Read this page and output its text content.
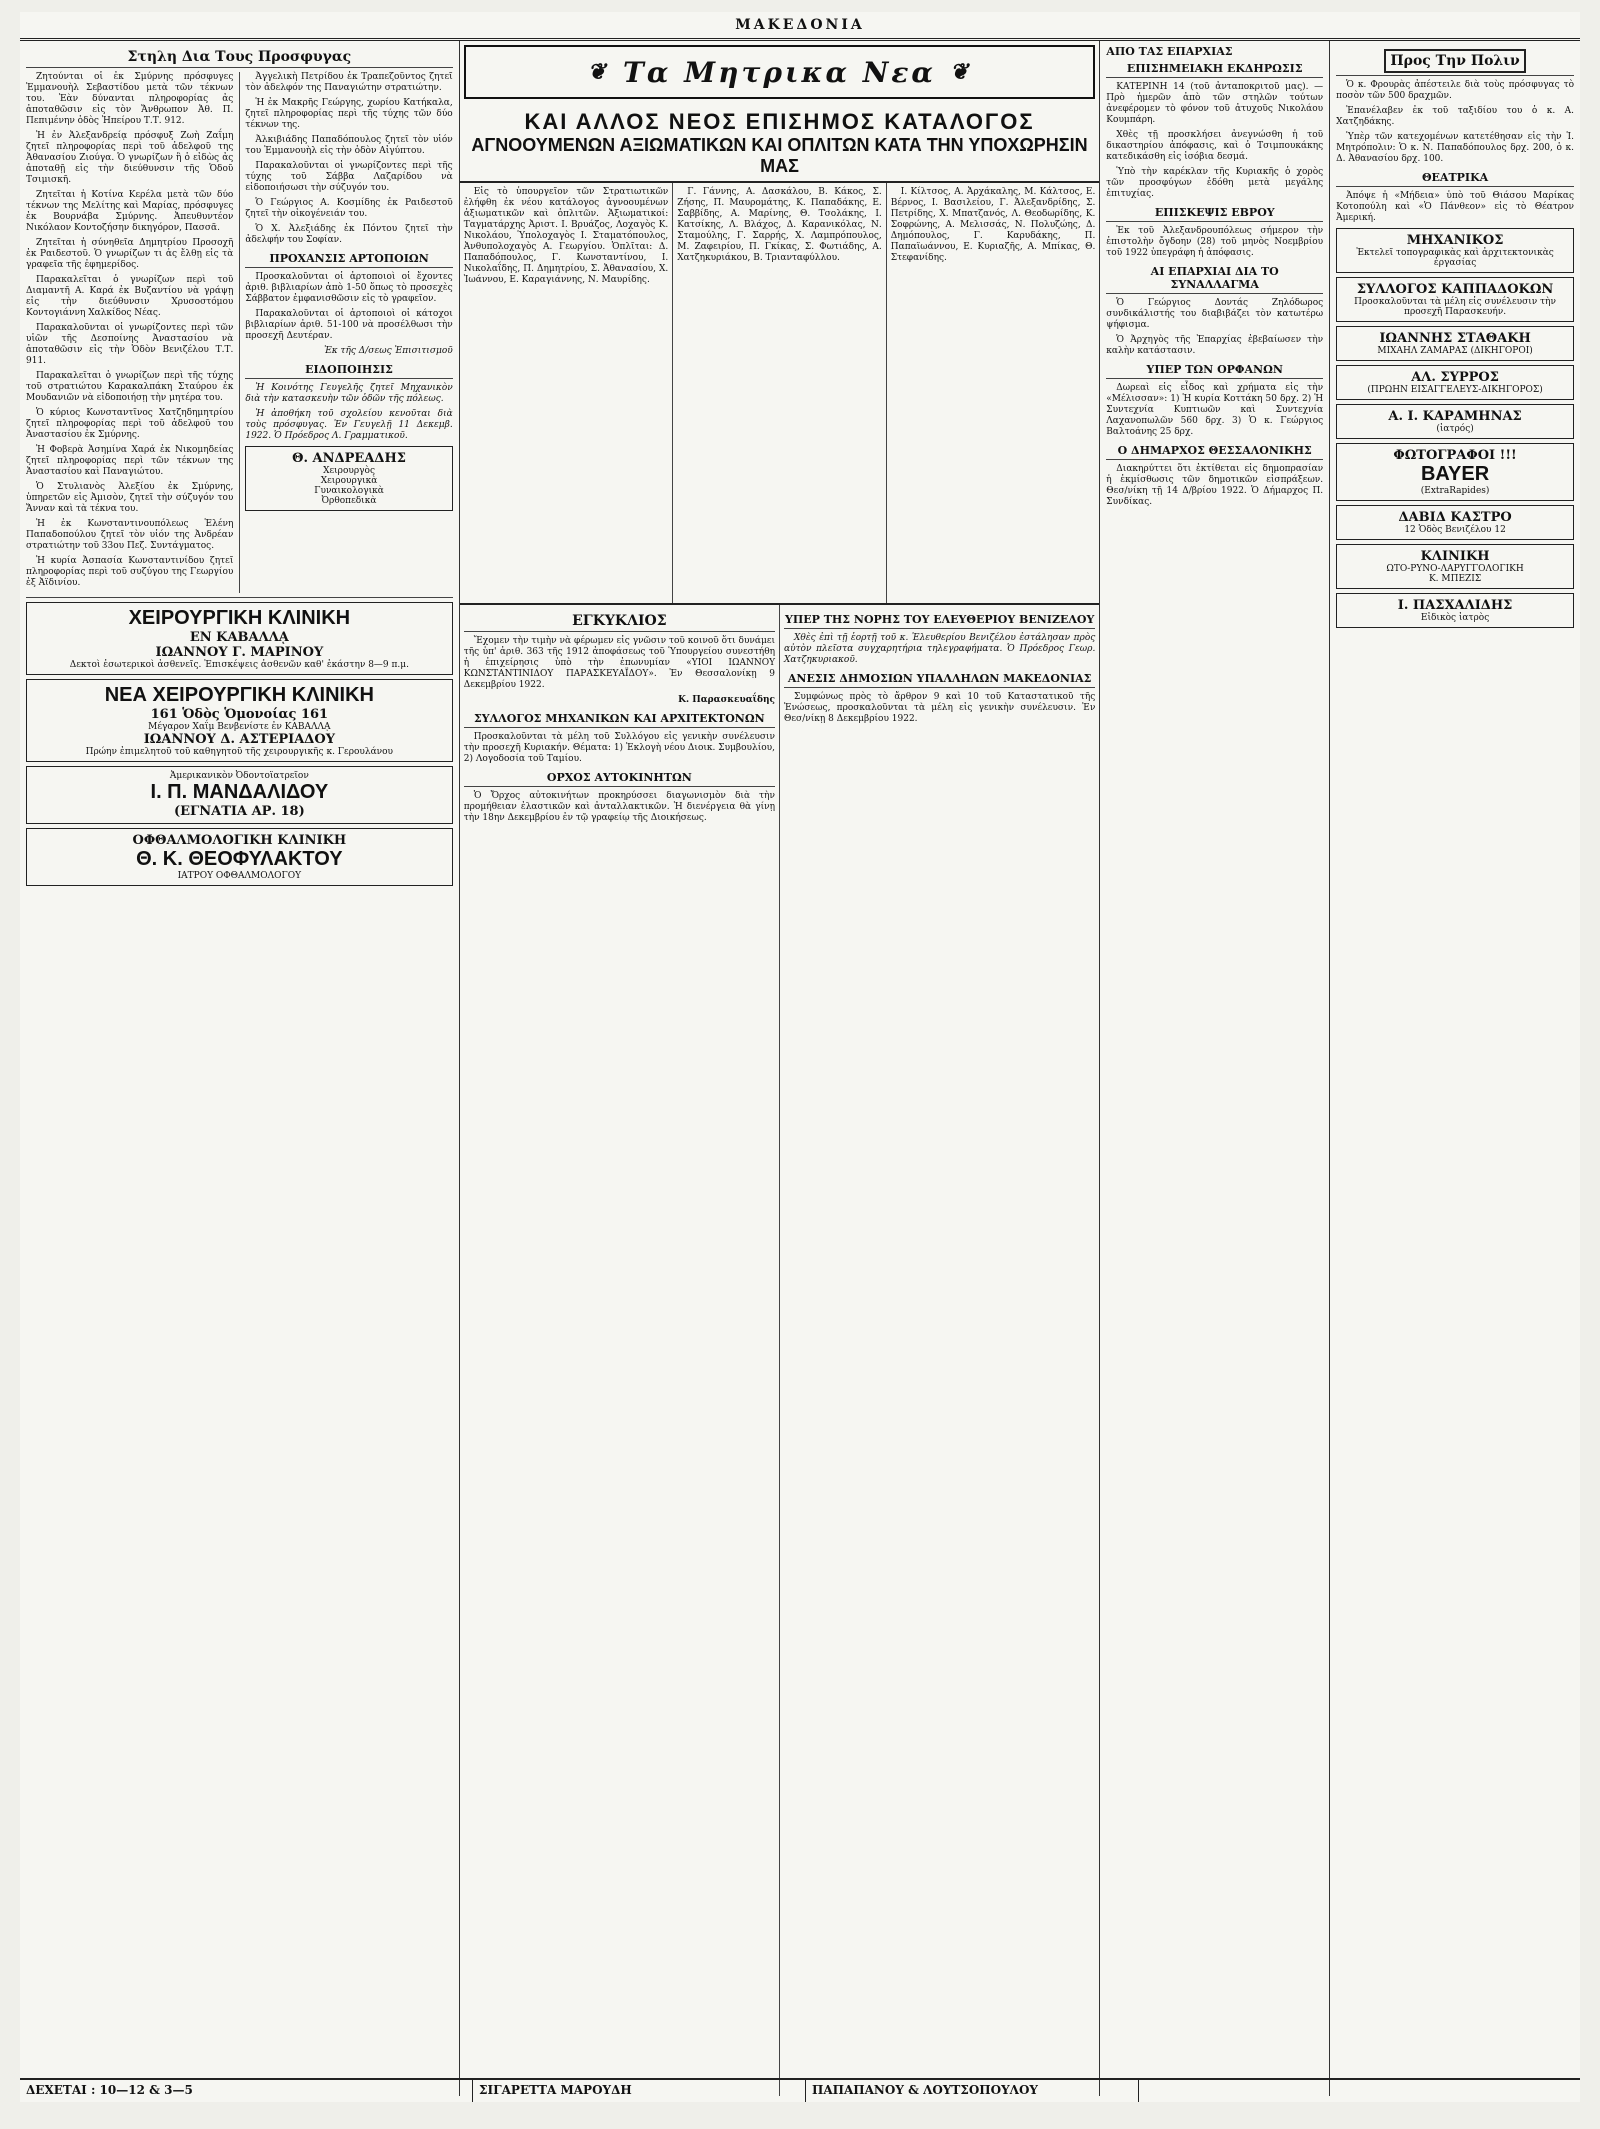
ΜΑΚΕΔΟΝΙΑ
Στηλη Δια Τους Προσφυγας

Ζητούνται οἱ ἐκ Σμύρνης πρόσφυγες Ἐμμανουὴλ Σεβαστίδου μετὰ τῶν τέκνων του. Ἐὰν δύνανται πληροφορίας ἀς ἀποταθῶσιν εἰς τὸν Ἄνθρωπον Ἀθ. Π. Πεπιμένην ὁδὸς Ἡπείρου Τ.Τ. 912.

Ἡ ἐν Ἀλεξανδρείᾳ πρόσφυξ Ζωὴ Ζαΐμη ζητεῖ πληροφορίας περὶ τοῦ ἀδελφοῦ της Ἀθανασίου Ζιούγα. Ὁ γνωρίζων ἢ ὁ εἰδὼς ἀς ἀποταθῇ εἰς τὴν διεύθυνσιν τῆς Ὁδοῦ Τσιμισκῆ.

Ζητεῖται ἡ Κοτίνα Κερέλα μετὰ τῶν δύο τέκνων της Μελίτης καὶ Μαρίας, πρόσφυγες ἐκ Βουρνάβα Σμύρνης. Ἀπευθυντέον Νικόλαον Κοντοζήσην δικηγόρον, Πασσᾶ.

Ζητεῖται ἡ σύνηθεῖα Δημητρίου Προσοχῆ ἐκ Ραιδεστοῦ. Ὁ γνωρίζων τι ἀς ἔλθῃ εἰς τὰ γραφεῖα τῆς ἐφημερίδος.

Παρακαλεῖται ὁ γνωρίζων περὶ τοῦ Διαμαντῆ Α. Καρά ἐκ Βυζαντίου νὰ γράψῃ εἰς τὴν διεύθυνσιν Χρυσοστόμου Κοντογιάννη Χαλκίδος Νέας.

Παρακαλοῦνται οἱ γνωρίζοντες περὶ τῶν υἱῶν τῆς Δεσποίνης Ἀναστασίου νὰ ἀποταθῶσιν εἰς τὴν Ὁδὸν Βενιζέλου Τ.Τ. 911.

Παρακαλεῖται ὁ γνωρίζων περὶ τῆς τύχης τοῦ στρατιώτου Καρακαλπάκη Σταύρου ἐκ Μουδανιῶν νὰ εἰδοποιήσῃ τὴν μητέρα του.

Ὁ κύριος Κωνσταντῖνος Χατζηδημητρίου ζητεῖ πληροφορίας περὶ τοῦ ἀδελφοῦ του Ἀναστασίου ἐκ Σμύρνης.

Ἡ Φοβερὰ Ἀσημίνα Χαρά ἐκ Νικομηδείας ζητεῖ πληροφορίας περὶ τῶν τέκνων της Ἀναστασίου καὶ Παναγιώτου.

Ὁ Στυλιανὸς Ἀλεξίου ἐκ Σμύρνης, ὑπηρετῶν εἰς Ἀμισὸν, ζητεῖ τὴν σύζυγόν του Ἄνναν καὶ τὰ τέκνα του.

Ἡ ἐκ Κωνσταντινουπόλεως Ἑλένη Παπαδοπούλου ζητεῖ τὸν υἱόν της Ἀνδρέαν στρατιώτην τοῦ 33ου Πεζ. Συντάγματος.

Ἡ κυρία Ἀσπασία Κωνσταντινίδου ζητεῖ πληροφορίας περὶ τοῦ συζύγου της Γεωργίου ἐξ Ἀϊδινίου.

Ἀγγελικὴ Πετρίδου ἐκ Τραπεζοῦντος ζητεῖ τὸν ἀδελφόν της Παναγιώτην στρατιώτην.

Ἡ ἐκ Μακρῆς Γεώργης, χωρίου Κατήκαλα, ζητεῖ πληροφορίας περὶ τῆς τύχης τῶν δύο τέκνων της.

Ἀλκιβιάδης Παπαδόπουλος ζητεῖ τὸν υἱόν του Ἐμμανουὴλ εἰς τὴν ὁδὸν Αἰγύπτου.

Παρακαλοῦνται οἱ γνωρίζοντες περὶ τῆς τύχης τοῦ Σάββα Λαζαρίδου νὰ εἰδοποιήσωσι τὴν σύζυγόν του.

Ὁ Γεώργιος Α. Κοσμίδης ἐκ Ραιδεστοῦ ζητεῖ τὴν οἰκογένειάν του.

Ὁ Χ. Ἀλεξιάδης ἐκ Πόντου ζητεῖ τὴν ἀδελφήν του Σοφίαν.

ΠΡΟΧΑΝΣΙΣ ΑΡΤΟΠΟΙΩΝ

Προσκαλοῦνται οἱ ἀρτοποιοὶ οἱ ἔχοντες ἀριθ. βιβλιαρίων ἀπὸ 1-50 ὅπως τὸ προσεχὲς Σάββατον ἐμφανισθῶσιν εἰς τὸ γραφεῖον.

Παρακαλοῦνται οἱ ἀρτοποιοὶ οἱ κάτοχοι βιβλιαρίων ἀριθ. 51-100 νὰ προσέλθωσι τὴν προσεχῆ Δευτέραν.

Ἐκ τῆς Δ/σεως Ἐπισιτισμοῦ

ΕΙΔΟΠΟΙΗΣΙΣ

Ἡ Κοινότης Γευγελῆς ζητεῖ Μηχανικὸν διὰ τὴν κατασκευὴν τῶν ὁδῶν τῆς πόλεως.

Ἡ ἀποθήκη τοῦ σχολείου κενοῦται διὰ τοὺς πρόσφυγας. Ἐν Γευγελῇ 11 Δεκεμβ. 1922. Ὁ Πρόεδρος Λ. Γραμματικοῦ.

Θ. ΑΝΔΡΕΑΔΗΣ
Χειρουργὸς
Χειρουργικὰ
Γυναικολογικὰ
Ὀρθοπεδικὰ
ΧΕΙΡΟΥΡΓΙΚΗ ΚΛΙΝΙΚΗ
ΕΝ ΚΑΒΑΛΛᾼ
ΙΩΑΝΝΟΥ Γ. ΜΑΡΙΝΟΥ
Δεκτοὶ ἐσωτερικοὶ ἀσθενεῖς. Ἐπισκέψεις ἀσθενῶν καθ' ἑκάστην 8—9 π.μ.
ΝΕΑ ΧΕΙΡΟΥΡΓΙΚΗ ΚΛΙΝΙΚΗ
161 Ὁδὸς Ὁμονοίας 161
Μέγαρον Χαΐμ Βενβενίστε ἐν ΚΑΒΑΛΛᾼ
ΙΩΑΝΝΟΥ Δ. ΑΣΤΕΡΙΑΔΟΥ
Πρώην ἐπιμελητοῦ τοῦ καθηγητοῦ τῆς χειρουργικῆς κ. Γερουλάνου
Ἀμερικανικὸν Ὀδοντοϊατρεῖον
Ι. Π. ΜΑΝΔΑΛΙΔΟΥ
(ΕΓΝΑΤΙΑ ΑΡ. 18)
ΟΦΘΑΛΜΟΛΟΓΙΚΗ ΚΛΙΝΙΚΗ
Θ. Κ. ΘΕΟΦΥΛΑΚΤΟΥ
ΙΑΤΡΟΥ ΟΦΘΑΛΜΟΛΟΓΟΥ
❦ Τα Μητρικα Νεα ❦
ΚΑΙ ΑΛΛΟΣ ΝΕΟΣ ΕΠΙΣΗΜΟΣ ΚΑΤΑΛΟΓΟΣ
ΑΓΝΟΟΥΜΕΝΩΝ ΑΞΙΩΜΑΤΙΚΩΝ ΚΑΙ ΟΠΛΙΤΩΝ ΚΑΤΑ ΤΗΝ ΥΠΟΧΩΡΗΣΙΝ ΜΑΣ

Εἰς τὸ ὑπουργεῖον τῶν Στρατιωτικῶν ἐλήφθη ἐκ νέου κατάλογος ἀγνοουμένων ἀξιωματικῶν καὶ ὁπλιτῶν. Ἀξιωματικοί: Ταγματάρχης Ἀριστ. Ι. Βρυάζος, Λοχαγὸς Κ. Νικολάου, Ὑπολοχαγὸς Ι. Σταματόπουλος, Ἀνθυπολοχαγὸς Α. Γεωργίου. Ὁπλῖται: Δ. Παπαδόπουλος, Γ. Κωνσταντίνου, Ι. Νικολαΐδης, Π. Δημητρίου, Σ. Ἀθανασίου, Χ. Ἰωάννου, Ε. Καραγιάννης, Ν. Μαυρίδης.

Γ. Γάννης, Α. Δασκάλου, Β. Κάκος, Σ. Ζήσης, Π. Μαυρομάτης, Κ. Παπαδάκης, Ε. Σαββίδης, Α. Μαρίνης, Θ. Τσολάκης, Ι. Κατσίκης, Λ. Βλάχος, Δ. Καρανικόλας, Ν. Σταμούλης, Γ. Σαρρής, Χ. Λαμπρόπουλος, Μ. Ζαφειρίου, Π. Γκίκας, Σ. Φωτιάδης, Α. Χατζηκυριάκου, Β. Τριανταφύλλου.

Ι. Κίλτσος, Α. Ἀρχάκαλης, Μ. Κάλτσος, Ε. Βέρνος, Ι. Βασιλείου, Γ. Ἀλεξανδρίδης, Σ. Πετρίδης, Χ. Μπατζανός, Λ. Θεοδωρίδης, Κ. Σοφρώνης, Α. Μελισσάς, Ν. Πολυζώης, Δ. Δημόπουλος, Γ. Καρυδάκης, Π. Παπαϊωάννου, Ε. Κυριαζῆς, Α. Μπίκας, Θ. Στεφανίδης.

ΕΓΚΥΚΛΙΟΣ

Ἔχομεν τὴν τιμὴν νὰ φέρωμεν εἰς γνῶσιν τοῦ κοινοῦ ὅτι δυνάμει τῆς ὑπ' ἀριθ. 363 τῆς 1912 ἀποφάσεως τοῦ Ὑπουργείου συνεστήθη ἡ ἐπιχείρησις ὑπὸ τὴν ἐπωνυμίαν «ΥΙΟΙ ΙΩΑΝΝΟΥ ΚΩΝΣΤΑΝΤΙΝΙΔΟΥ ΠΑΡΑΣΚΕΥΑΪΔΟΥ». Ἐν Θεσσαλονίκῃ 9 Δεκεμβρίου 1922.

Κ. Παρασκευαΐδης

ΣΥΛΛΟΓΟΣ ΜΗΧΑΝΙΚΩΝ ΚΑΙ ΑΡΧΙΤΕΚΤΟΝΩΝ

Προσκαλοῦνται τὰ μέλη τοῦ Συλλόγου εἰς γενικὴν συνέλευσιν τὴν προσεχῆ Κυριακήν. Θέματα: 1) Ἐκλογὴ νέου Διοικ. Συμβουλίου, 2) Λογοδοσία τοῦ Ταμίου.

ΟΡΧΟΣ ΑΥΤΟΚΙΝΗΤΩΝ

Ὁ Ὄρχος αὐτοκινήτων προκηρύσσει διαγωνισμὸν διὰ τὴν προμήθειαν ἐλαστικῶν καὶ ἀνταλλακτικῶν. Ἡ διενέργεια θὰ γίνῃ τὴν 18ην Δεκεμβρίου ἐν τῷ γραφείῳ τῆς Διοικήσεως.

ΥΠΕΡ ΤΗΣ ΝΟΡΗΣ ΤΟΥ ΕΛΕΥΘΕΡΙΟΥ ΒΕΝΙΖΕΛΟΥ

Χθὲς ἐπὶ τῇ ἑορτῇ τοῦ κ. Ἐλευθερίου Βενιζέλου ἐστάλησαν πρὸς αὐτὸν πλεῖστα συγχαρητήρια τηλεγραφήματα. Ὁ Πρόεδρος Γεωρ. Χατζηκυριακοῦ.

ΑΝΕΣΙΣ ΔΗΜΟΣΙΩΝ ΥΠΑΛΛΗΛΩΝ ΜΑΚΕΔΟΝΙΑΣ

Συμφώνως πρὸς τὸ ἄρθρον 9 καὶ 10 τοῦ Καταστατικοῦ τῆς Ἑνώσεως, προσκαλοῦνται τὰ μέλη εἰς γενικὴν συνέλευσιν. Ἐν Θεσ/νίκῃ 8 Δεκεμβρίου 1922.

ΑΠΟ ΤΑΣ ΕΠΑΡΧΙΑΣ
ΕΠΙΣΗΜΕΙΑΚΗ ΕΚΔΗΡΩΣΙΣ

ΚΑΤΕΡΙΝΗ 14 (τοῦ ἀνταποκριτοῦ μας). — Πρὸ ἡμερῶν ἀπὸ τῶν στηλῶν τούτων ἀνεφέρομεν τὸ φόνον τοῦ ἀτυχοῦς Νικολάου Κουμπάρη.

Χθὲς τῇ προσκλήσει ἀνεγνώσθη ἡ τοῦ δικαστηρίου ἀπόφασις, καὶ ὁ Τσιμπουκάκης κατεδικάσθη εἰς ἰσόβια δεσμά.

Ὑπὸ τὴν καρέκλαν τῆς Κυριακῆς ὁ χορὸς τῶν προσφύγων ἐδόθη μετὰ μεγάλης ἐπιτυχίας.

ΕΠΙΣΚΕΨΙΣ ΕΒΡΟΥ

Ἐκ τοῦ Ἀλεξανδρουπόλεως σήμερον τὴν ἐπιστολὴν ὄγδοην (28) τοῦ μηνὸς Νοεμβρίου τοῦ 1922 ὑπεγράφη ἡ ἀπόφασις.

ΑΙ ΕΠΑΡΧΙΑΙ ΔΙΑ ΤΟ ΣΥΝΑΛΛΑΓΜΑ

Ὁ Γεώργιος Δοντάς Ζηλόδωρος συνδικάλιστής του διαβιβάζει τὸν κατωτέρω ψήφισμα.

Ὁ Ἀρχηγὸς τῆς Ἐπαρχίας ἐβεβαίωσεν τὴν καλὴν κατάστασιν.

ΥΠΕΡ ΤΩΝ ΟΡΦΑΝΩΝ

Δωρεαὶ εἰς εἶδος καὶ χρήματα εἰς τὴν «Μέλισσαν»: 1) Ἡ κυρία Κοττάκη 50 δρχ. 2) Ἡ Συντεχνία Κυπτιωῶν καὶ Συντεχνία Λαχανοπωλῶν 560 δρχ. 3) Ὁ κ. Γεώργιος Βαλτοάνης 25 δρχ.

Ο ΔΗΜΑΡΧΟΣ ΘΕΣΣΑΛΟΝΙΚΗΣ

Διακηρύττει ὅτι ἐκτίθεται εἰς δημοπρασίαν ἡ ἐκμίσθωσις τῶν δημοτικῶν εἰσπράξεων. Θεσ/νίκη τῇ 14 Δ/βρίου 1922. Ὁ Δήμαρχος Π. Συνδίκας.

Προς Την Πολιν

Ὁ κ. Φρουρὰς ἀπέστειλε διὰ τοὺς πρόσφυγας τὸ ποσὸν τῶν 500 δραχμῶν.

Ἐπανέλαβεν ἐκ τοῦ ταξιδίου του ὁ κ. Α. Χατζηδάκης.

Ὑπὲρ τῶν κατεχομένων κατετέθησαν εἰς τὴν Ἱ. Μητρόπολιν: Ὁ κ. Ν. Παπαδόπουλος δρχ. 200, ὁ κ. Δ. Ἀθανασίου δρχ. 100.

ΘΕΑΤΡΙΚΑ

Ἀπόψε ἡ «Μήδεια» ὑπὸ τοῦ Θιάσου Μαρίκας Κοτοπούλη καὶ «Ὁ Πάνθεον» εἰς τὸ Θέατρον Ἀμερική.

ΜΗΧΑΝΙΚΟΣ
Ἐκτελεῖ τοπογραφικὰς καὶ ἀρχιτεκτονικὰς ἐργασίας
ΣΥΛΛΟΓΟΣ ΚΑΠΠΑΔΟΚΩΝ
Προσκαλοῦνται τὰ μέλη εἰς συνέλευσιν τὴν προσεχῆ Παρασκευήν.
ΙΩΑΝΝΗΣ ΣΤΑΘΑΚΗ
ΜΙΧΑΗΛ ΖΑΜΑΡΑΣ (ΔΙΚΗΓΟΡΟΙ)
ΑΛ. ΣΥΡΡΟΣ
(ΠΡΩΗΝ ΕΙΣΑΓΓΕΛΕΥΣ-ΔΙΚΗΓΟΡΟΣ)
Α. Ι. ΚΑΡΑΜΗΝΑΣ
(ἰατρός)
ΦΩΤΟΓΡΑΦΟΙ !!!
BAYER
(ExtraRapides)
ΔΑΒΙΔ ΚΑΣΤΡΟ
12 Ὁδὸς Βενιζέλου 12
ΚΛΙΝΙΚΗ
ΩΤΟ-ΡΥΝΟ-ΛΑΡΥΓΓΟΛΟΓΙΚΗ
Κ. ΜΠΕΖΙΣ
Ι. ΠΑΣΧΑΛΙΔΗΣ
Εἰδικὸς ἰατρὸς
ΔΕΧΕΤΑΙ : 10—12 & 3—5	ΣΙΓΑΡΕΤΤΑ ΜΑΡΟΥΔΗ	ΠΑΠΑΠΑΝΟΥ & ΛΟΥΤΣΟΠΟΥΛΟΥ
